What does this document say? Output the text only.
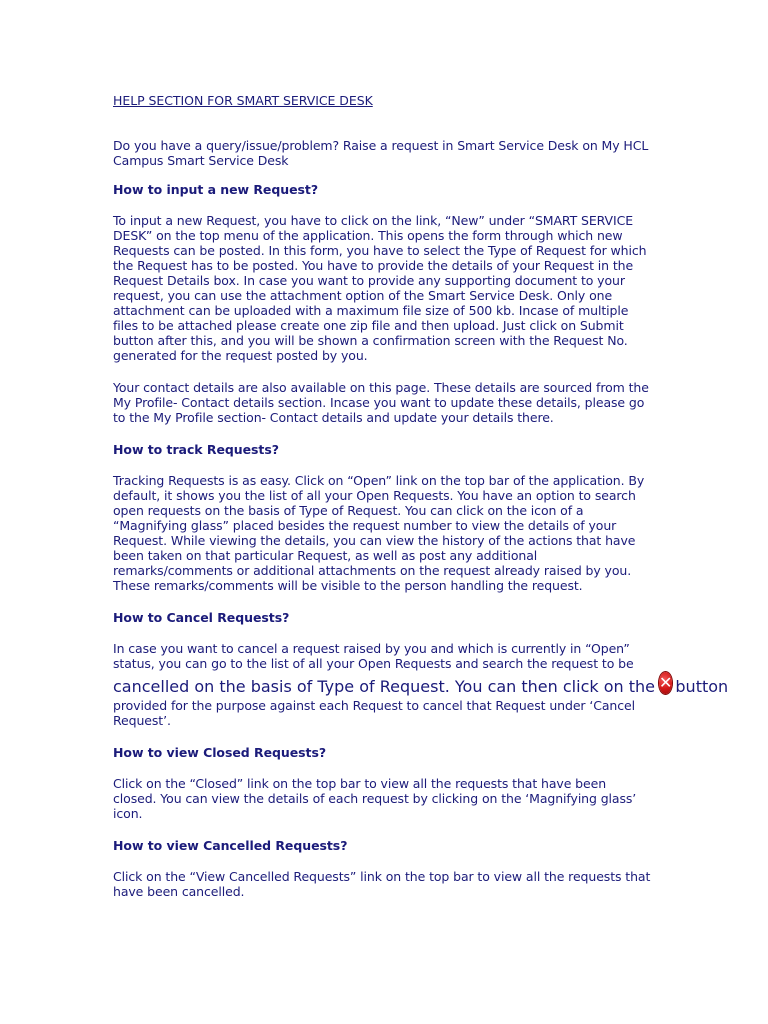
HELP SECTION FOR SMART SERVICE DESK

Do you have a query/issue/problem? Raise a request in Smart Service Desk on My HCL Campus Smart Service Desk

How to input a new Request?

To input a new Request, you have to click on the link, “New” under “SMART SERVICE DESK” on the top menu of the application. This opens the form through which new Requests can be posted. In this form, you have to select the Type of Request for which the Request has to be posted. You have to provide the details of your Request in the Request Details box. In case you want to provide any supporting document to your request, you can use the attachment option of the Smart Service Desk. Only one attachment can be uploaded with a maximum file size of 500 kb. Incase of multiple files to be attached please create one zip file and then upload. Just click on Submit button after this, and you will be shown a confirmation screen with the Request No. generated for the request posted by you.

Your contact details are also available on this page. These details are sourced from the My Profile- Contact details section. Incase you want to update these details, please go to the My Profile section- Contact details and update your details there.

How to track Requests?

Tracking Requests is as easy. Click on “Open” link on the top bar of the application. By default, it shows you the list of all your Open Requests. You have an option to search open requests on the basis of Type of Request. You can click on the icon of a “Magnifying glass” placed besides the request number to view the details of your Request. While viewing the details, you can view the history of the actions that have been taken on that particular Request, as well as post any additional remarks/comments or additional attachments on the request already raised by you. These remarks/comments will be visible to the person handling the request.

How to Cancel Requests?

In case you want to cancel a request raised by you and which is currently in “Open” status, you can go to the list of all your Open Requests and search the request to be

cancelled on the basis of Type of Request. You can then click on the ✕ button

provided for the purpose against each Request to cancel that Request under ‘Cancel Request’.

How to view Closed Requests?

Click on the “Closed” link on the top bar to view all the requests that have been closed. You can view the details of each request by clicking on the ‘Magnifying glass’ icon.

How to view Cancelled Requests?

Click on the “View Cancelled Requests” link on the top bar to view all the requests that have been cancelled.
